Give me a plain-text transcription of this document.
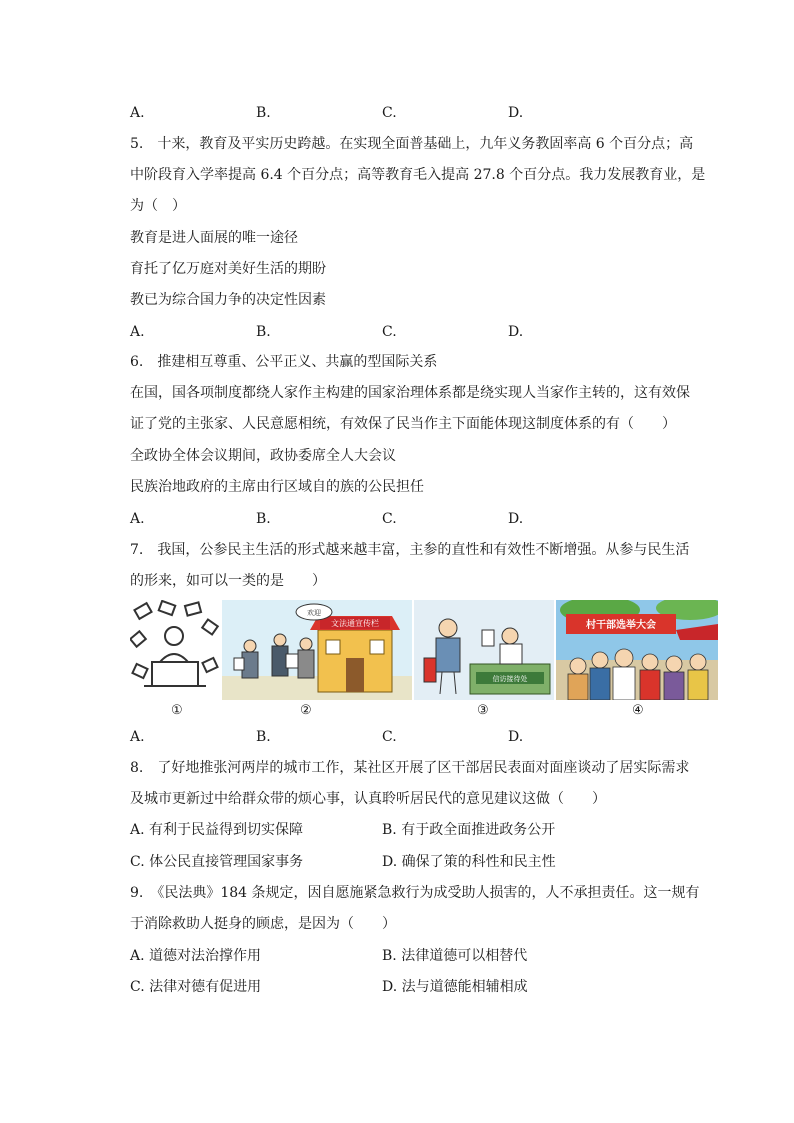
A.	B.	C.	D.
5.　十来，教育及平实历史跨越。在实现全面普基础上，九年义务教固率高 6 个百分点；高
中阶段育入学率提高 6.4 个百分点；高等教育毛入提高 27.8 个百分点。我力发展教育业，是
为（　）
教育是进人面展的唯一途径
育托了亿万庭对美好生活的期盼
教已为综合国力争的决定性因素
A.	B.	C.	D.
6.　推建相互尊重、公平正义、共赢的型国际关系
在国，国各项制度都绕人家作主构建的国家治理体系都是绕实现人当家作主转的，这有效保
证了党的主张家、人民意愿相统，有效保了民当作主下面能体现这制度体系的有（　　）
全政协全体会议期间，政协委席全人大会议
民族治地政府的主席由行区域自的族的公民担任
A.	B.	C.	D.
7.　我国，公参民主生活的形式越来越丰富，主参的直性和有效性不断增强。从参与民生活
的形来，如可以一类的是　　）
文法通宣传栏
欢迎
信访接待处
村干部选举大会
①	②	③	④
A.	B.	C.	D.
8.　了好地推张河两岸的城市工作，某社区开展了区干部居民表面对面座谈动了居实际需求
及城市更新过中给群众带的烦心事，认真聆听居民代的意见建议这做（　　）
A. 有利于民益得到切实保障	B. 有于政全面推进政务公开
C. 体公民直接管理国家事务	D. 确保了策的科性和民主性
9.　《民法典》184 条规定，因自愿施紧急救行为成受助人损害的，人不承担责任。这一规有
于消除救助人挺身的顾虑，是因为（　　）
A. 道德对法治撑作用	B. 法律道德可以相替代
C. 法律对德有促进用	D. 法与道德能相辅相成
